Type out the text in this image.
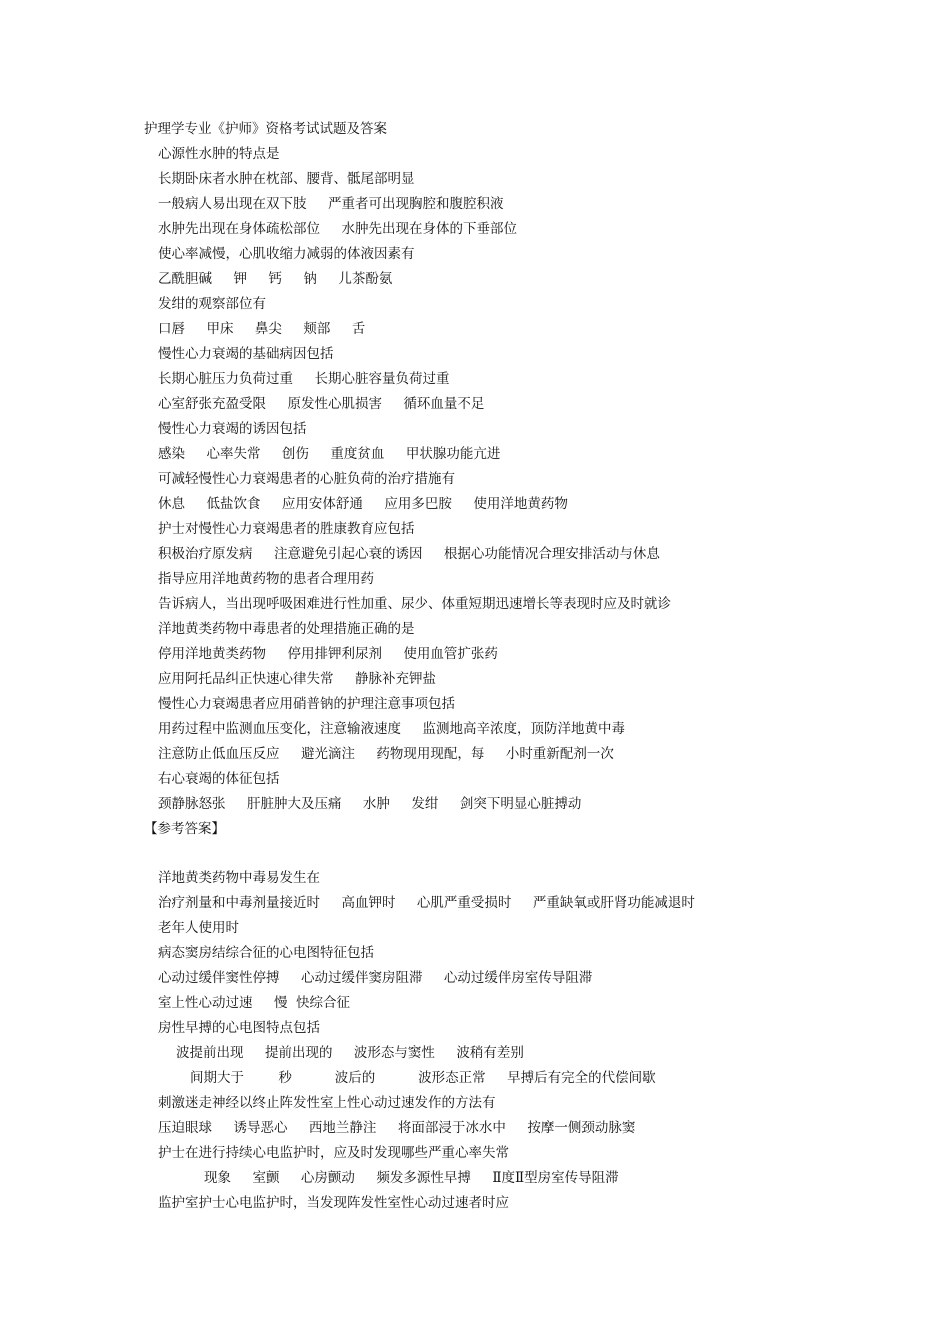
护理学专业《护师》资格考试试题及答案
心源性水肿的特点是
长期卧床者水肿在枕部、腰背、骶尾部明显
一般病人易出现在双下肢     严重者可出现胸腔和腹腔积液
水肿先出现在身体疏松部位     水肿先出现在身体的下垂部位
使心率减慢，心肌收缩力减弱的体液因素有
乙酰胆碱     钾     钙     钠     儿茶酚氨
发绀的观察部位有
口唇     甲床     鼻尖     颊部     舌
慢性心力衰竭的基础病因包括
长期心脏压力负荷过重     长期心脏容量负荷过重
心室舒张充盈受限     原发性心肌损害     循环血量不足
慢性心力衰竭的诱因包括
感染     心率失常     创伤     重度贫血     甲状腺功能亢进
可减轻慢性心力衰竭患者的心脏负荷的治疗措施有
休息     低盐饮食     应用安体舒通     应用多巴胺     使用洋地黄药物
护士对慢性心力衰竭患者的胜康教育应包括
积极治疗原发病     注意避免引起心衰的诱因     根据心功能情况合理安排活动与休息
指导应用洋地黄药物的患者合理用药
告诉病人，当出现呼吸困难进行性加重、尿少、体重短期迅速增长等表现时应及时就诊
洋地黄类药物中毒患者的处理措施正确的是
停用洋地黄类药物     停用排钾利尿剂     使用血管扩张药
应用阿托品纠正快速心律失常     静脉补充钾盐
慢性心力衰竭患者应用硝普钠的护理注意事项包括
用药过程中监测血压变化，注意输液速度     监测地高辛浓度，顶防洋地黄中毒
注意防止低血压反应     避光滴注     药物现用现配，每     小时重新配剂一次
右心衰竭的体征包括
颈静脉怒张     肝脏肿大及压痛     水肿     发绀     剑突下明显心脏搏动
【参考答案】
洋地黄类药物中毒易发生在
治疗剂量和中毒剂量接近时     高血钾时     心肌严重受损时     严重缺氧或肝肾功能减退时
老年人使用时
病态窦房结综合征的心电图特征包括
心动过缓伴窦性停搏     心动过缓伴窦房阻滞     心动过缓伴房室传导阻滞
室上性心动过速     慢  快综合征
房性早搏的心电图特点包括
波提前出现     提前出现的     波形态与窦性     波稍有差别
间期大于        秒          波后的          波形态正常     早搏后有完全的代偿间歇
刺激迷走神经以终止阵发性室上性心动过速发作的方法有
压迫眼球     诱导恶心     西地兰静注     将面部浸于冰水中     按摩一侧颈动脉窦
护士在进行持续心电监护时，应及时发现哪些严重心率失常
现象     室颤     心房颤动     频发多源性早搏     Ⅱ度Ⅱ型房室传导阻滞
监护室护士心电监护时，当发现阵发性室性心动过速者时应
